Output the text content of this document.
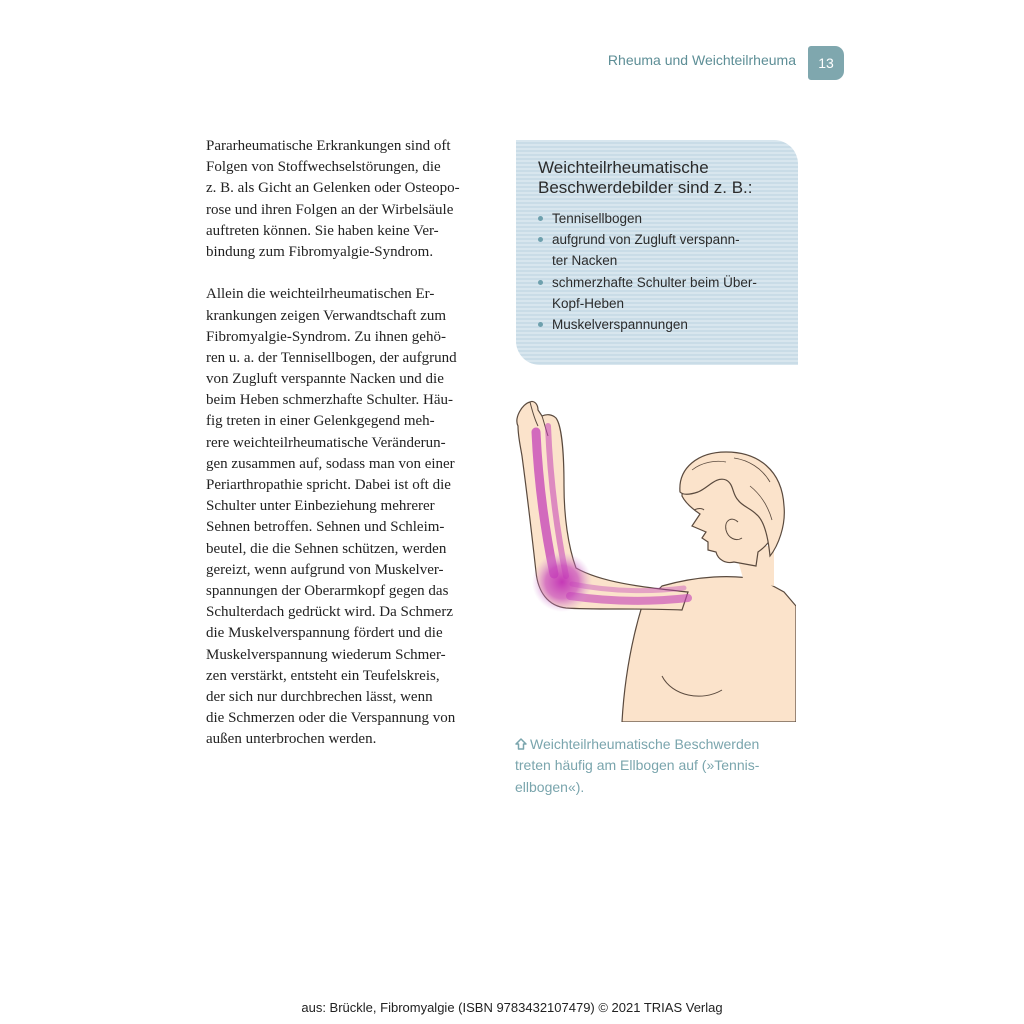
Rheuma und Weichteilrheuma	13
Pararheumatische Erkrankungen sind oft
Folgen von Stoffwechselstörungen, die
z. B. als Gicht an Gelenken oder Osteopo-
rose und ihren Folgen an der Wirbelsäule
auftreten können. Sie haben keine Ver-
bindung zum Fibromyalgie-Syndrom.
Allein die weichteilrheumatischen Er-
krankungen zeigen Verwandtschaft zum
Fibromyalgie-Syndrom. Zu ihnen gehö-
ren u. a. der Tennisellbogen, der aufgrund
von Zugluft verspannte Nacken und die
beim Heben schmerzhafte Schulter. Häu-
fig treten in einer Gelenkgegend meh-
rere weichteilrheumatische Veränderun-
gen zusammen auf, sodass man von einer
Periarthropathie spricht. Dabei ist oft die
Schulter unter Einbeziehung mehrerer
Sehnen betroffen. Sehnen und Schleim-
beutel, die die Sehnen schützen, werden
gereizt, wenn aufgrund von Muskelver-
spannungen der Oberarmkopf gegen das
Schulterdach gedrückt wird. Da Schmerz
die Muskelverspannung fördert und die
Muskelverspannung wiederum Schmer-
zen verstärkt, entsteht ein Teufelskreis,
der sich nur durchbrechen lässt, wenn
die Schmerzen oder die Verspannung von
außen unterbrochen werden.
Weichteilrheumatische
Beschwerdebilder sind z. B.:
Tennisellbogen
aufgrund von Zugluft verspann-
ter Nacken
schmerzhafte Schulter beim Über-
Kopf-Heben
Muskelverspannungen
Weichteilrheumatische Beschwerden
treten häufig am Ellbogen auf (»Tennis-
ellbogen«).
aus: Brückle, Fibromyalgie (ISBN 9783432107479) © 2021 TRIAS Verlag
